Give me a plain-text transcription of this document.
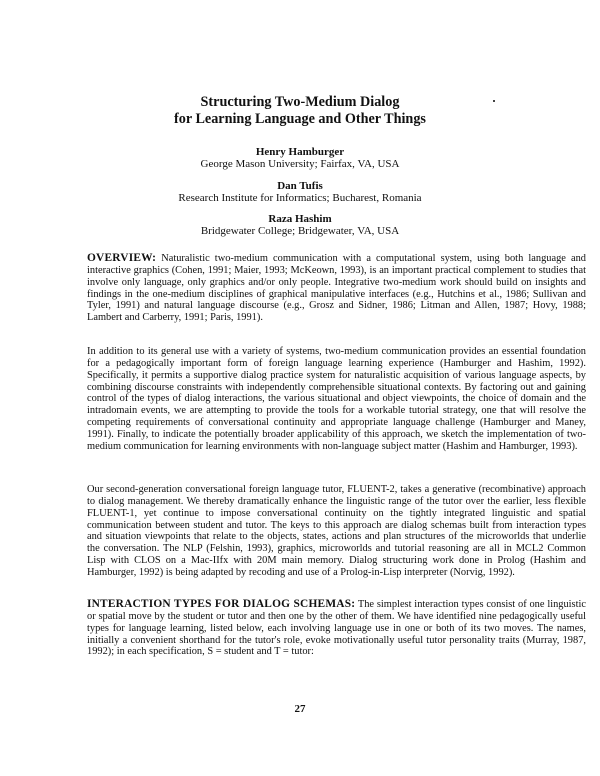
Structuring Two-Medium Dialog
for Learning Language and Other Things
Henry Hamburger
George Mason University; Fairfax, VA, USA
Dan Tufis
Research Institute for Informatics; Bucharest, Romania
Raza Hashim
Bridgewater College; Bridgewater, VA, USA

OVERVIEW: Naturalistic two-medium communication with a computational system, using both language and interactive graphics (Cohen, 1991; Maier, 1993; McKeown, 1993), is an important practical complement to studies that involve only language, only graphics and/or only people. Integrative two-medium work should build on insights and findings in the one-medium disciplines of graphical manipulative interfaces (e.g., Hutchins et al., 1986; Sullivan and Tyler, 1991) and natural language discourse (e.g., Grosz and Sidner, 1986; Litman and Allen, 1987; Hovy, 1988; Lambert and Carberry, 1991; Paris, 1991).

In addition to its general use with a variety of systems, two-medium communication provides an essential foundation for a pedagogically important form of foreign language learning experience (Hamburger and Hashim, 1992). Specifically, it permits a supportive dialog practice system for naturalistic acquisition of various language aspects, by combining discourse constraints with independently comprehensible situational contexts. By factoring out and gaining control of the types of dialog interactions, the various situational and object viewpoints, the choice of domain and the intradomain events, we are attempting to provide the tools for a workable tutorial strategy, one that will resolve the competing requirements of conversational continuity and appropriate language challenge (Hamburger and Maney, 1991). Finally, to indicate the potentially broader applicability of this approach, we sketch the implementation of two-medium communication for learning environments with non-language subject matter (Hashim and Hamburger, 1993).

Our second-generation conversational foreign language tutor, FLUENT-2, takes a generative (recombinative) approach to dialog management. We thereby dramatically enhance the linguistic range of the tutor over the earlier, less flexible FLUENT-1, yet continue to impose conversational continuity on the tightly integrated linguistic and spatial communication between student and tutor. The keys to this approach are dialog schemas built from interaction types and situation viewpoints that relate to the objects, states, actions and plan structures of the microworlds that underlie the conversation. The NLP (Felshin, 1993), graphics, microworlds and tutorial reasoning are all in MCL2 Common Lisp with CLOS on a Mac-IIfx with 20M main memory. Dialog structuring work done in Prolog (Hashim and Hamburger, 1992) is being adapted by recoding and use of a Prolog-in-Lisp interpreter (Norvig, 1992).

INTERACTION TYPES FOR DIALOG SCHEMAS: The simplest interaction types consist of one linguistic or spatial move by the student or tutor and then one by the other of them. We have identified nine pedagogically useful types for language learning, listed below, each involving language use in one or both of its two moves. The names, initially a convenient shorthand for the tutor's role, evoke motivationally useful tutor personality traits (Murray, 1987, 1992); in each specification, S = student and T = tutor:

27
